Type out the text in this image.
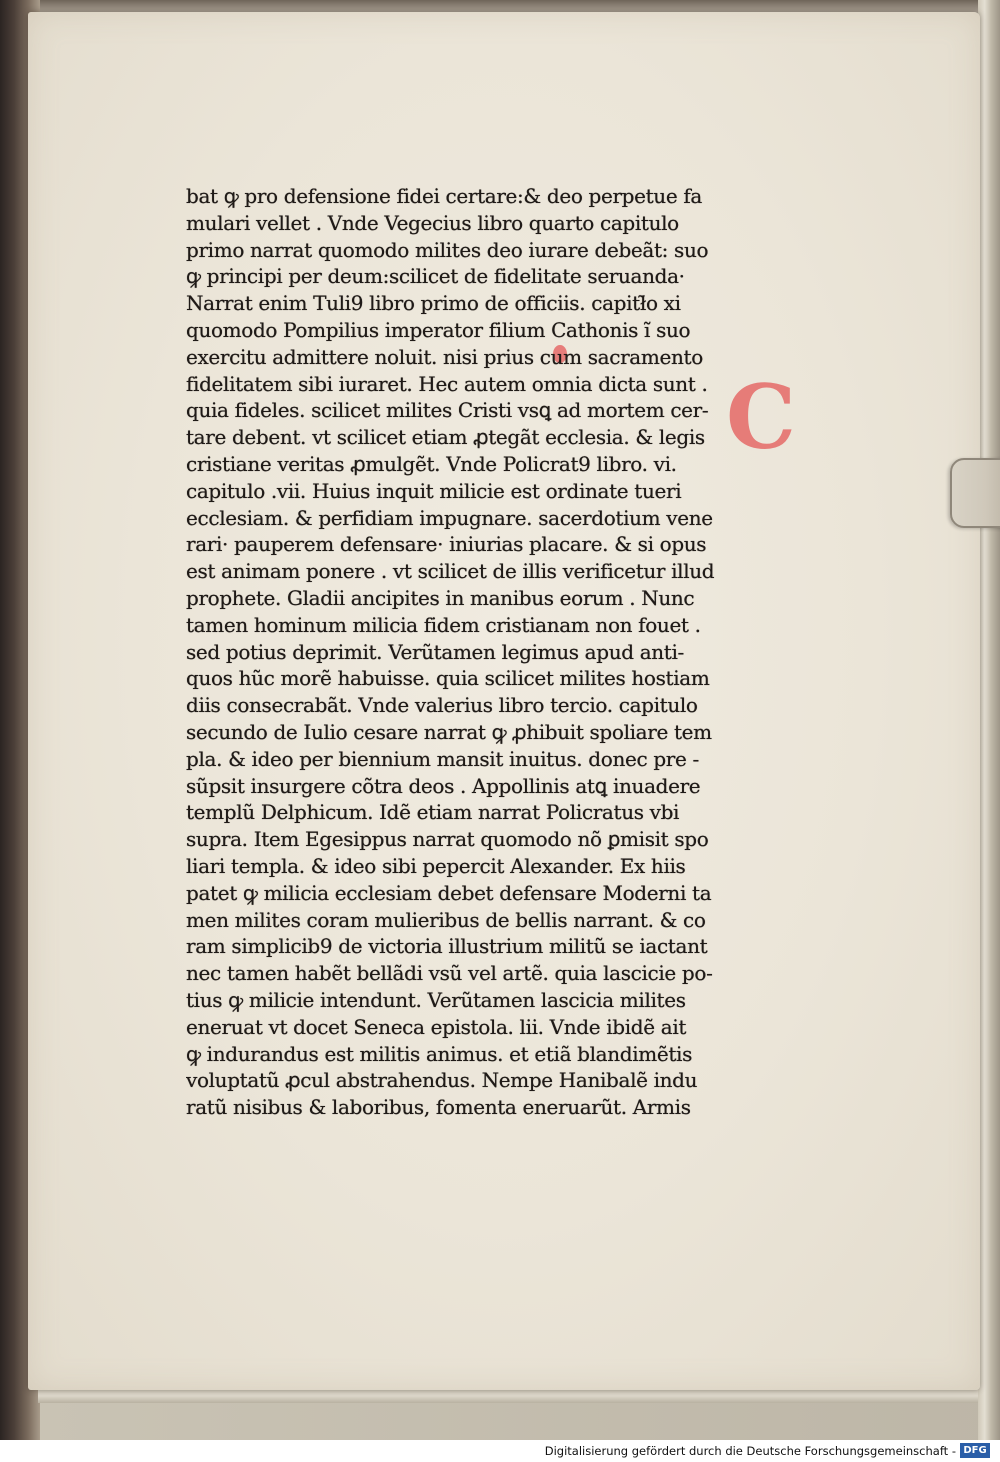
C
bat ꝙ pro defensione fidei certare:& deo perpetue fa
mulari vellet . Vnde Vegecius libro quarto capitulo
primo narrat quomodo milites deo iurare debeãt: suo
ꝙ principi per deum:scilicet de fidelitate seruanda·
Narrat enim Tuli9 libro primo de officiis. capitł̃o xi
quomodo Pompilius imperator filium Cathonis ĩ suo
exercitu admittere noluit. nisi prius cum sacramento
fidelitatem sibi iuraret. Hec autem omnia dicta sunt .
quia fideles. scilicet milites Cristi vsꝗ ad mortem cer-
tare debent. vt scilicet etiam ꝓtegãt ecclesia. & legis
cristiane veritas ꝓmulgẽt. Vnde Policrat9 libro. vi.
capitulo .vii. Huius inquit milicie est ordinate tueri
ecclesiam. & perfidiam impugnare. sacerdotium vene
rari· pauperem defensare· iniurias placare. & si opus
est animam ponere . vt scilicet de illis verificetur illud
prophete. Gladii ancipites in manibus eorum . Nunc
tamen hominum milicia fidem cristianam non fouet .
sed potius deprimit. Verũtamen legimus apud anti-
quos hũc morẽ habuisse. quia scilicet milites hostiam
diis consecrabãt. Vnde valerius libro tercio. capitulo
secundo de Iulio cesare narrat ꝙ ꝓhibuit spoliare tem
pla. & ideo per biennium mansit inuitus. donec pre -
sũpsit insurgere cõtra deos . Appollinis atꝗ inuadere
templũ Delphicum. Idẽ etiam narrat Policratus vbi
supra. Item Egesippus narrat quomodo nõ ꝑmisit spo
liari templa. & ideo sibi pepercit Alexander. Ex hiis
patet ꝙ milicia ecclesiam debet defensare Moderni ta
men milites coram mulieribus de bellis narrant. & co
ram simplicib9 de victoria illustrium militũ se iactant
nec tamen habẽt bellãdi vsũ vel artẽ. quia lascicie po-
tius ꝙ milicie intendunt. Verũtamen lascicia milites
eneruat vt docet Seneca epistola. lii. Vnde ibidẽ ait
ꝙ indurandus est militis animus. et etiã blandimẽtis
voluptatũ ꝓcul abstrahendus. Nempe Hanibalẽ indu
ratũ nisibus & laboribus, fomenta eneruarũt. Armis
Digitalisierung gefördert durch die Deutsche Forschungsgemeinschaft - DFG
